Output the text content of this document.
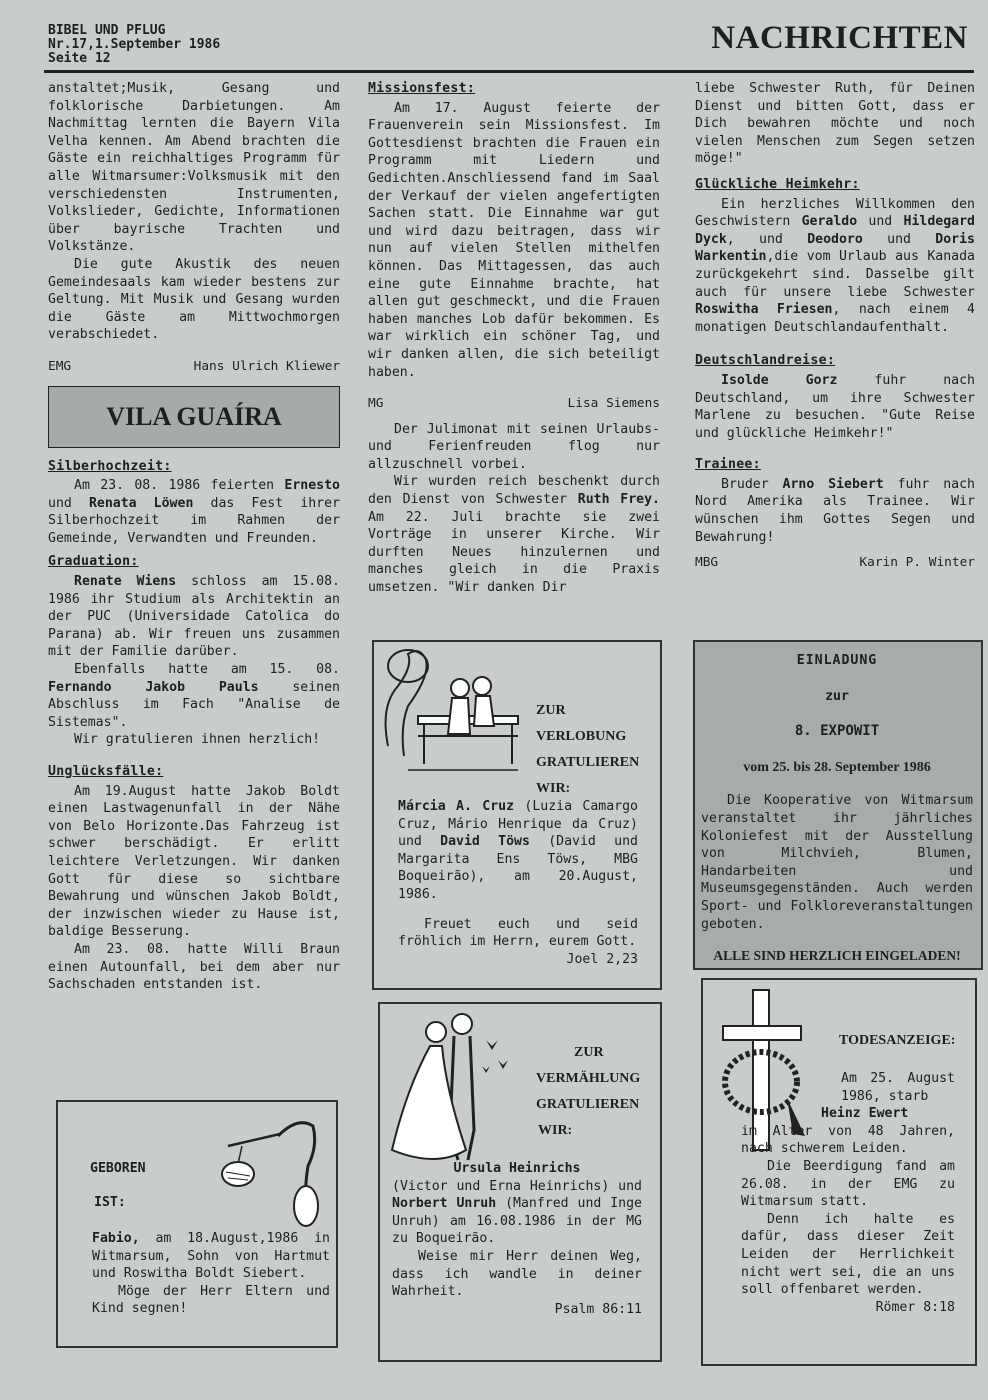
BIBEL UND PFLUG
Nr.17,1.September 1986
Seite 12
NACHRICHTEN

anstaltet;Musik, Gesang und folklorische Darbietungen. Am Nachmittag lernten die Bayern Vila Velha kennen. Am Abend brachten die Gäste ein reichhaltiges Programm für alle Witmarsumer:Volksmusik mit den verschiedensten Instrumenten, Volkslieder, Gedichte, Informationen über bayrische Trachten und Volkstänze.

Die gute Akustik des neuen Gemeindesaals kam wieder bestens zur Geltung. Mit Musik und Gesang wurden die Gäste am Mittwochmorgen verabschiedet.

EMG	Hans Ulrich Kliewer
VILA GUAÍRA
Silberhochzeit:

Am 23. 08. 1986 feierten Ernesto und Renata Löwen das Fest ihrer Silberhochzeit im Rahmen der Gemeinde, Verwandten und Freunden.

Graduation:

Renate Wiens schloss am 15.08. 1986 ihr Studium als Architektin an der PUC (Universidade Catolica do Parana) ab. Wir freuen uns zusammen mit der Familie darüber.

Ebenfalls hatte am 15. 08. Fernando Jakob Pauls	seinen Abschluss im Fach "Analise de Sistemas".

Wir gratulieren ihnen herzlich!

Unglücksfälle:

Am 19.August hatte Jakob Boldt einen Lastwagenunfall in der Nähe von Belo Horizonte.Das Fahrzeug ist schwer berschädigt. Er erlitt leichtere Verletzungen. Wir danken Gott für diese so sichtbare Bewahrung und wünschen Jakob Boldt, der inzwischen wieder zu Hause ist, baldige Besserung.

Am 23. 08. hatte Willi Braun einen Autounfall, bei dem aber nur Sachschaden entstanden ist.

GEBOREN
IST:

Fabio, am 18.August,1986 in Witmarsum, Sohn von Hartmut und Roswitha Boldt Siebert.

Möge der Herr Eltern und Kind segnen!

Missionsfest:

Am 17. August feierte der Frauenverein sein Missionsfest. Im Gottesdienst brachten die Frauen ein Programm mit Liedern und Gedichten.Anschliessend fand im Saal der Verkauf der vielen angefertigten Sachen statt. Die Einnahme war gut und wird dazu beitragen, dass wir nun auf vielen Stellen mithelfen können. Das Mittagessen, das auch eine gute Einnahme brachte, hat allen gut geschmeckt, und die Frauen haben manches Lob dafür bekommen. Es war wirklich ein schöner Tag, und wir danken allen, die sich beteiligt haben.

MG	Lisa Siemens

Der Julimonat mit seinen Urlaubs- und Ferienfreuden flog nur allzuschnell vorbei.

Wir wurden reich beschenkt durch den Dienst von Schwester Ruth Frey. Am 22. Juli brachte sie zwei Vorträge in unserer Kirche. Wir durften Neues hinzulernen und manches gleich in die Praxis umsetzen. "Wir danken Dir

ZUR
VERLOBUNG
GRATULIEREN
WIR:

Márcia A. Cruz (Luzia Camargo Cruz, Mário Henrique da Cruz) und David Töws (David und Margarita Ens Töws, MBG Boqueirão), am 20.August, 1986.

Freuet euch und seid fröhlich im Herrn, eurem Gott.

Joel 2,23
ZUR
VERMÄHLUNG
GRATULIEREN
WIR:

Ursula Heinrichs

(Victor und Erna Heinrichs) und Norbert Unruh (Manfred und Inge Unruh) am 16.08.1986 in der MG zu Boqueirão.

Weise mir Herr deinen Weg, dass ich wandle in deiner Wahrheit.

Psalm 86:11

liebe Schwester Ruth, für Deinen Dienst und bitten Gott, dass er Dich bewahren möchte und noch vielen Menschen zum Segen setzen möge!"

Glückliche Heimkehr:

Ein herzliches Willkommen den Geschwistern Geraldo und Hildegard Dyck, und Deodoro und Doris Warkentin,die vom Urlaub aus Kanada zurückgekehrt sind. Dasselbe gilt auch für unsere liebe Schwester Roswitha Friesen, nach einem 4 monatigen Deutschlandaufenthalt.

Deutschlandreise:

Isolde Gorz	fuhr nach Deutschland, um ihre Schwester Marlene zu besuchen. "Gute Reise und glückliche Heimkehr!"

Trainee:

Bruder Arno Siebert fuhr nach Nord Amerika als Trainee. Wir wünschen ihm Gottes Segen und Bewahrung!

MBG	Karin P. Winter
EINLADUNG
zur
8. EXPOWIT
vom 25. bis 28. September 1986

Die Kooperative von Witmarsum veranstaltet ihr jährliches Koloniefest mit der Ausstellung von Milchvieh, Blumen, Handarbeiten und Museumsgegenständen. Auch werden Sport- und Folkloreveranstaltungen geboten.

ALLE SIND HERZLICH EINGELADEN!
TODESANZEIGE:

Am 25. August 1986, starb

Heinz Ewert

im Alter von 48 Jahren, nach schwerem Leiden.

Die Beerdigung fand am 26.08. in der EMG zu Witmarsum statt.

Denn ich halte es dafür, dass dieser Zeit Leiden der Herrlichkeit nicht wert sei, die an uns soll offenbaret werden.

Römer 8:18
